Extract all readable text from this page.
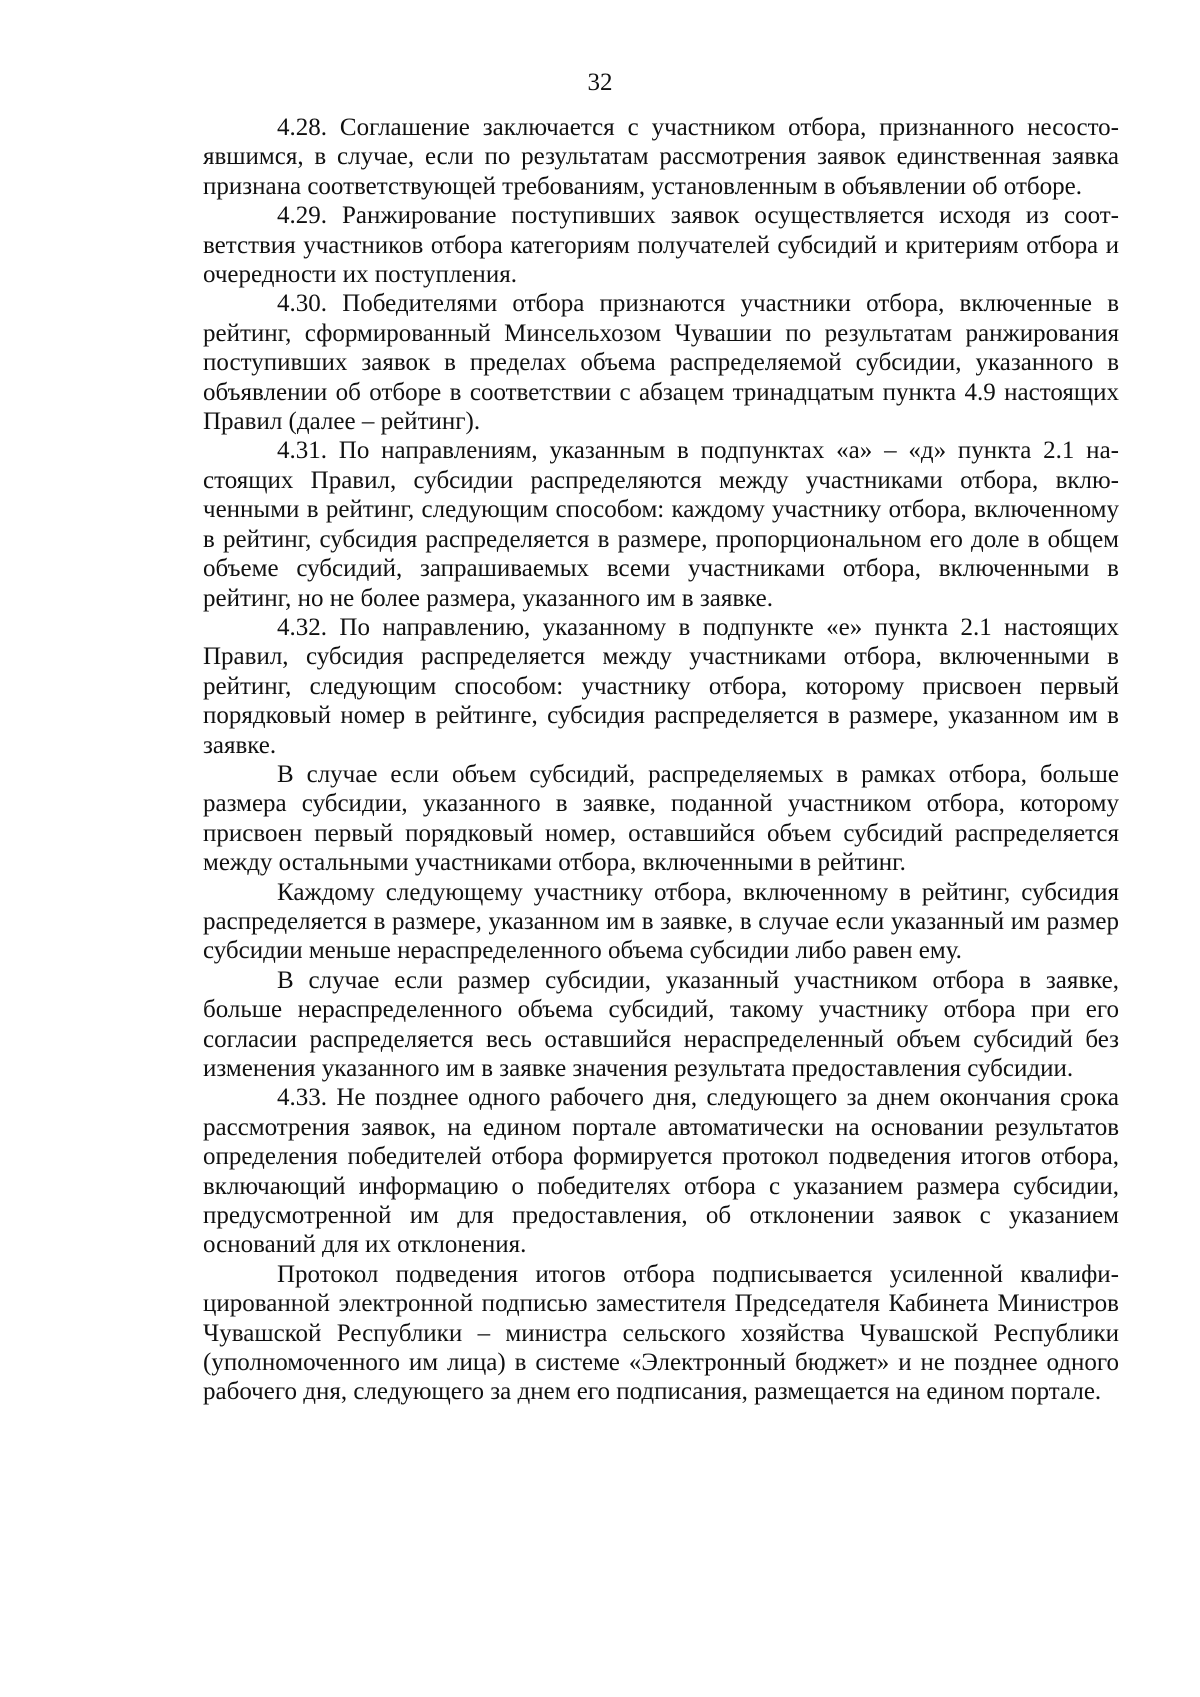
32

4.28. Соглашение заключается с участником отбора, признанного несостоявшимся, в случае, если по результатам рассмотрения заявок единственная заявка признана соответствующей требованиям, установленным в объявлении об отборе.

4.29. Ранжирование поступивших заявок осуществляется исходя из соответствия участников отбора категориям получателей субсидий и критериям отбора и очередности их поступления.

4.30. Победителями отбора признаются участники отбора, включенные в рейтинг, сформированный Минсельхозом Чувашии по результатам ранжирования поступивших заявок в пределах объема распределяемой субсидии, указанного в объявлении об отборе в соответствии с абзацем тринадцатым пункта 4.9 настоящих Правил (далее – рейтинг).

4.31. По направлениям, указанным в подпунктах «а» – «д» пункта 2.1 настоящих Правил, субсидии распределяются между участниками отбора, включенными в рейтинг, следующим способом: каждому участнику отбора, включенному в рейтинг, субсидия распределяется в размере, пропорциональном его доле в общем объеме субсидий, запрашиваемых всеми участниками отбора, включенными в рейтинг, но не более размера, указанного им в заявке.

4.32. По направлению, указанному в подпункте «е» пункта 2.1 настоящих Правил, субсидия распределяется между участниками отбора, включенными в рейтинг, следующим способом: участнику отбора, которому присвоен первый порядковый номер в рейтинге, субсидия распределяется в размере, указанном им в заявке.

В случае если объем субсидий, распределяемых в рамках отбора, больше размера субсидии, указанного в заявке, поданной участником отбора, которому присвоен первый порядковый номер, оставшийся объем субсидий распределяется между остальными участниками отбора, включенными в рейтинг.

Каждому следующему участнику отбора, включенному в рейтинг, субсидия распределяется в размере, указанном им в заявке, в случае если указанный им размер субсидии меньше нераспределенного объема субсидии либо равен ему.

В случае если размер субсидии, указанный участником отбора в заявке, больше нераспределенного объема субсидий, такому участнику отбора при его согласии распределяется весь оставшийся нераспределенный объем субсидий без изменения указанного им в заявке значения результата предоставления субсидии.

4.33. Не позднее одного рабочего дня, следующего за днем окончания срока рассмотрения заявок, на едином портале автоматически на основании результатов определения победителей отбора формируется протокол подведения итогов отбора, включающий информацию о победителях отбора с указанием размера субсидии, предусмотренной им для предоставления, об отклонении заявок с указанием оснований для их отклонения.

Протокол подведения итогов отбора подписывается усиленной квалифицированной электронной подписью заместителя Председателя Кабинета Министров Чувашской Республики – министра сельского хозяйства Чувашской Республики (уполномоченного им лица) в системе «Электронный бюджет» и не позднее одного рабочего дня, следующего за днем его подписания, размещается на едином портале.
